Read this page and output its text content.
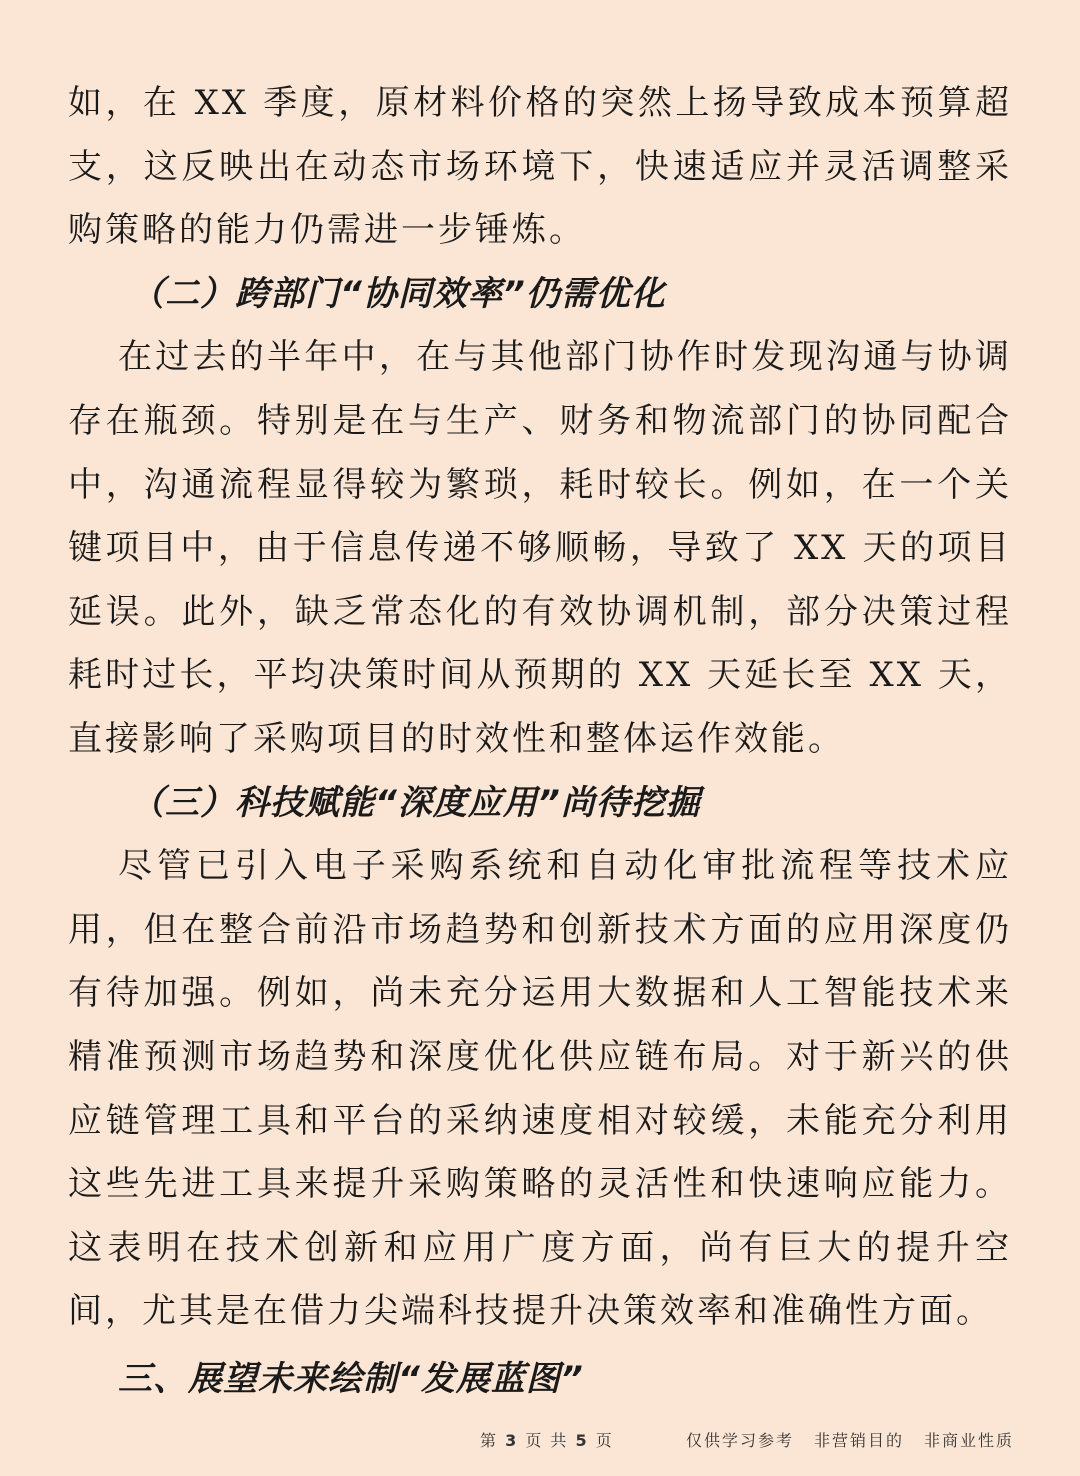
如，在 XX 季度，原材料价格的突然上扬导致成本预算超支，这反映出在动态市场环境下，快速适应并灵活调整采购策略的能力仍需进一步锤炼。

（二）跨部门“协同效率”仍需优化

在过去的半年中，在与其他部门协作时发现沟通与协调存在瓶颈。特别是在与生产、财务和物流部门的协同配合中，沟通流程显得较为繁琐，耗时较长。例如，在一个关键项目中，由于信息传递不够顺畅，导致了 XX 天的项目延误。此外，缺乏常态化的有效协调机制，部分决策过程耗时过长，平均决策时间从预期的 XX 天延长至 XX 天，直接影响了采购项目的时效性和整体运作效能。

（三）科技赋能“深度应用”尚待挖掘

尽管已引入电子采购系统和自动化审批流程等技术应用，但在整合前沿市场趋势和创新技术方面的应用深度仍有待加强。例如，尚未充分运用大数据和人工智能技术来精准预测市场趋势和深度优化供应链布局。对于新兴的供应链管理工具和平台的采纳速度相对较缓，未能充分利用这些先进工具来提升采购策略的灵活性和快速响应能力。这表明在技术创新和应用广度方面，尚有巨大的提升空间，尤其是在借力尖端科技提升决策效率和准确性方面。

三、展望未来绘制“发展蓝图”

第 3 页 共 5 页	仅供学习参考 非营销目的 非商业性质
